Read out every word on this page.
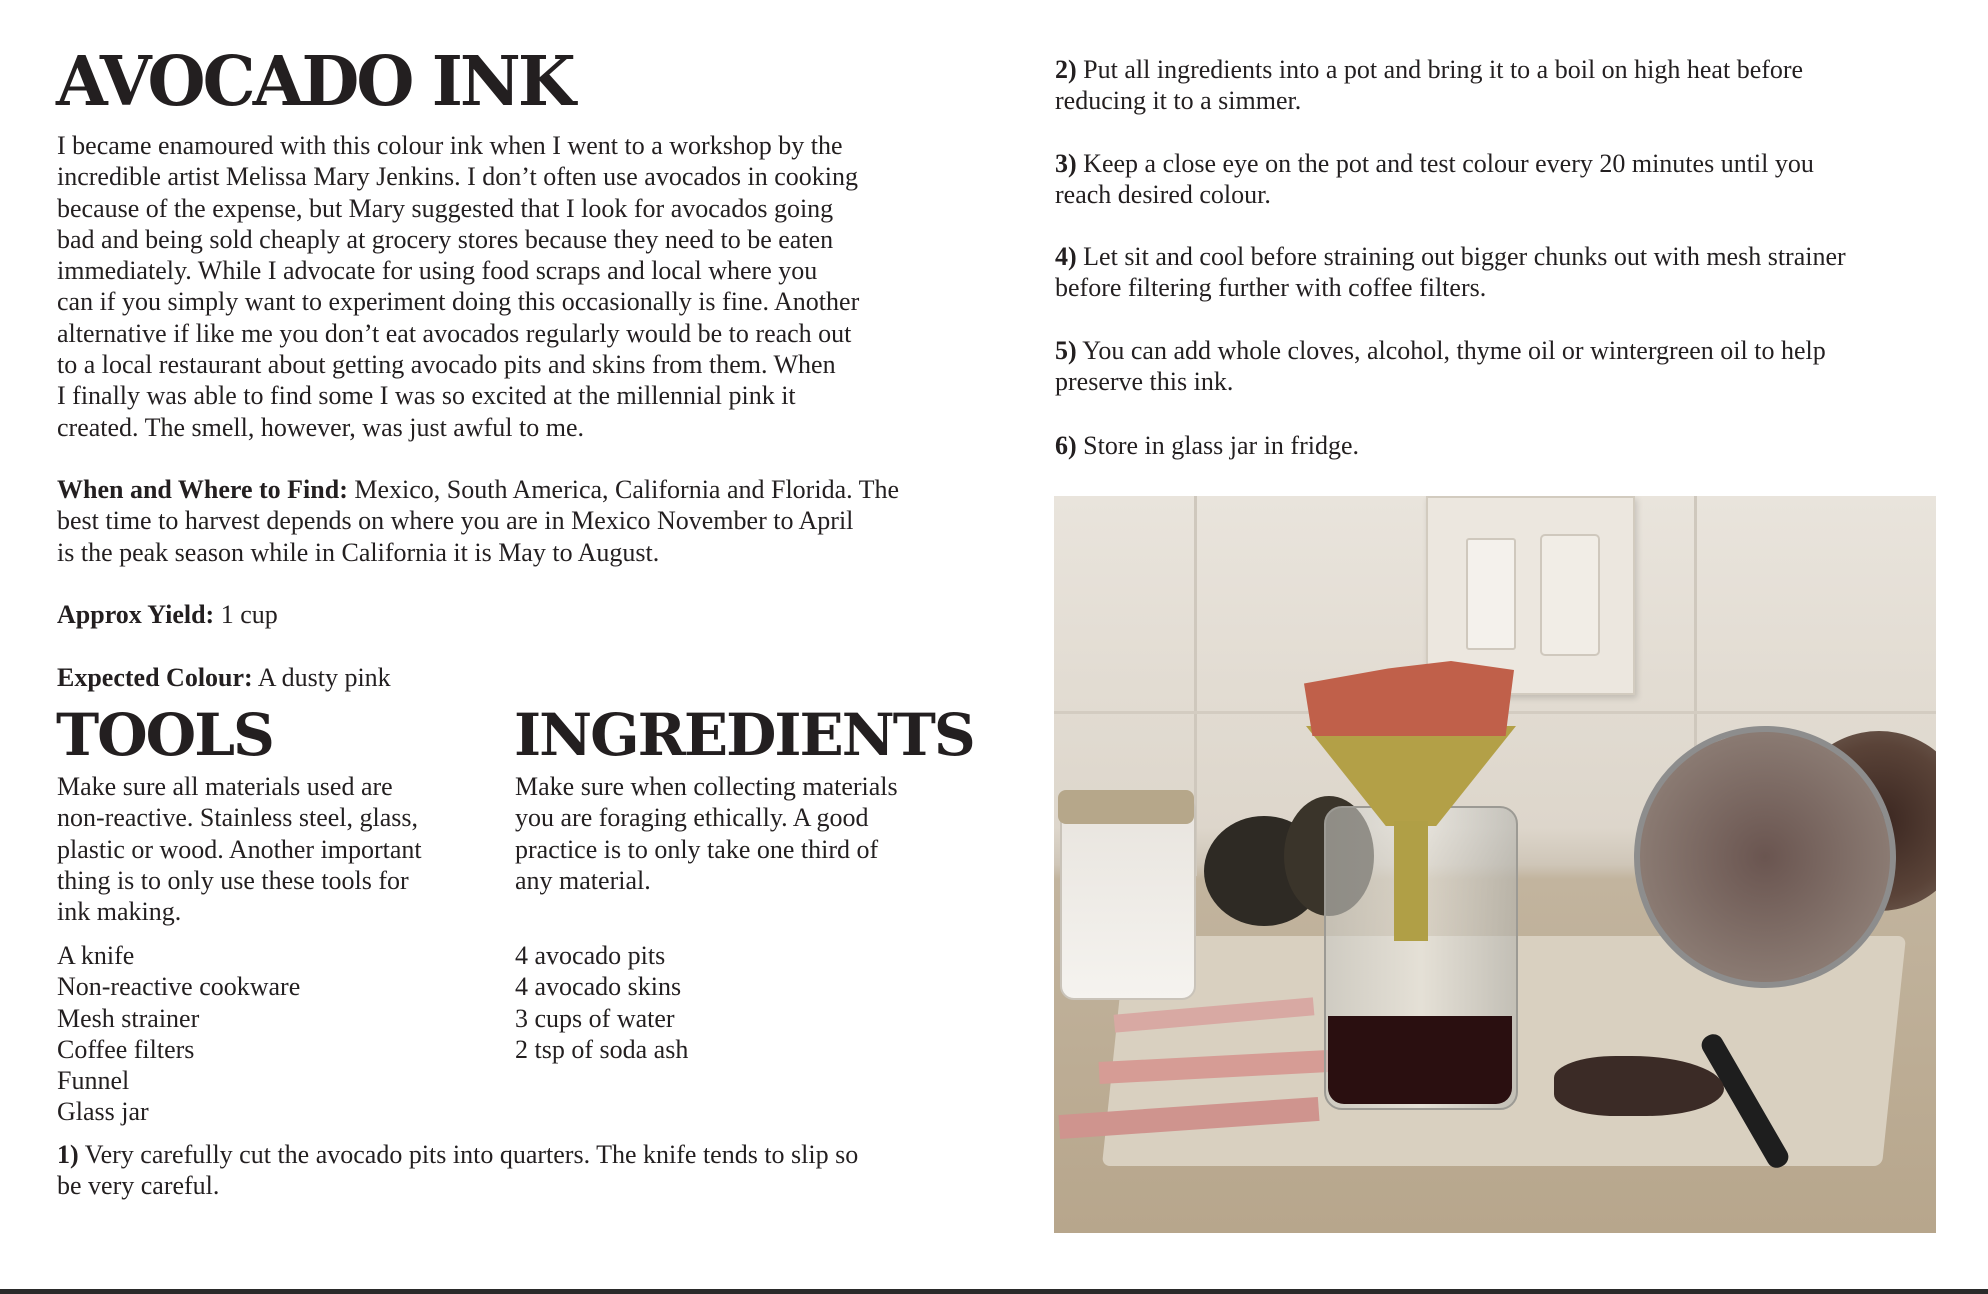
AVOCADO INK
I became enamoured with this colour ink when I went to a workshop by the
incredible artist Melissa Mary Jenkins. I don’t often use avocados in cooking
because of the expense, but Mary suggested that I look for avocados going
bad and being sold cheaply at grocery stores because they need to be eaten
immediately. While I advocate for using food scraps and local where you
can if you simply want to experiment doing this occasionally is fine. Another
alternative if like me you don’t eat avocados regularly would be to reach out
to a local restaurant about getting avocado pits and skins from them. When
I finally was able to find some I was so excited at the millennial pink it
created. The smell, however, was just awful to me.
When and Where to Find: Mexico, South America, California and Florida. The
best time to harvest depends on where you are in Mexico November to April
is the peak season while in California it is May to August.
Approx Yield: 1 cup
Expected Colour: A dusty pink
TOOLS	INGREDIENTS
Make sure all materials used are
non-reactive. Stainless steel, glass,
plastic or wood. Another important
thing is to only use these tools for
ink making.
Make sure when collecting materials
you are foraging ethically. A good
practice is to only take one third of
any material.
A knife
Non-reactive cookware
Mesh strainer
Coffee filters
Funnel
Glass jar
4 avocado pits
4 avocado skins
3 cups of water
2 tsp of soda ash
1) Very carefully cut the avocado pits into quarters. The knife tends to slip so
be very careful.
2) Put all ingredients into a pot and bring it to a boil on high heat before
reducing it to a simmer.
3) Keep a close eye on the pot and test colour every 20 minutes until you
reach desired colour.
4) Let sit and cool before straining out bigger chunks out with mesh strainer
before filtering further with coffee filters.
5) You can add whole cloves, alcohol, thyme oil or wintergreen oil to help
preserve this ink.
6) Store in glass jar in fridge.
